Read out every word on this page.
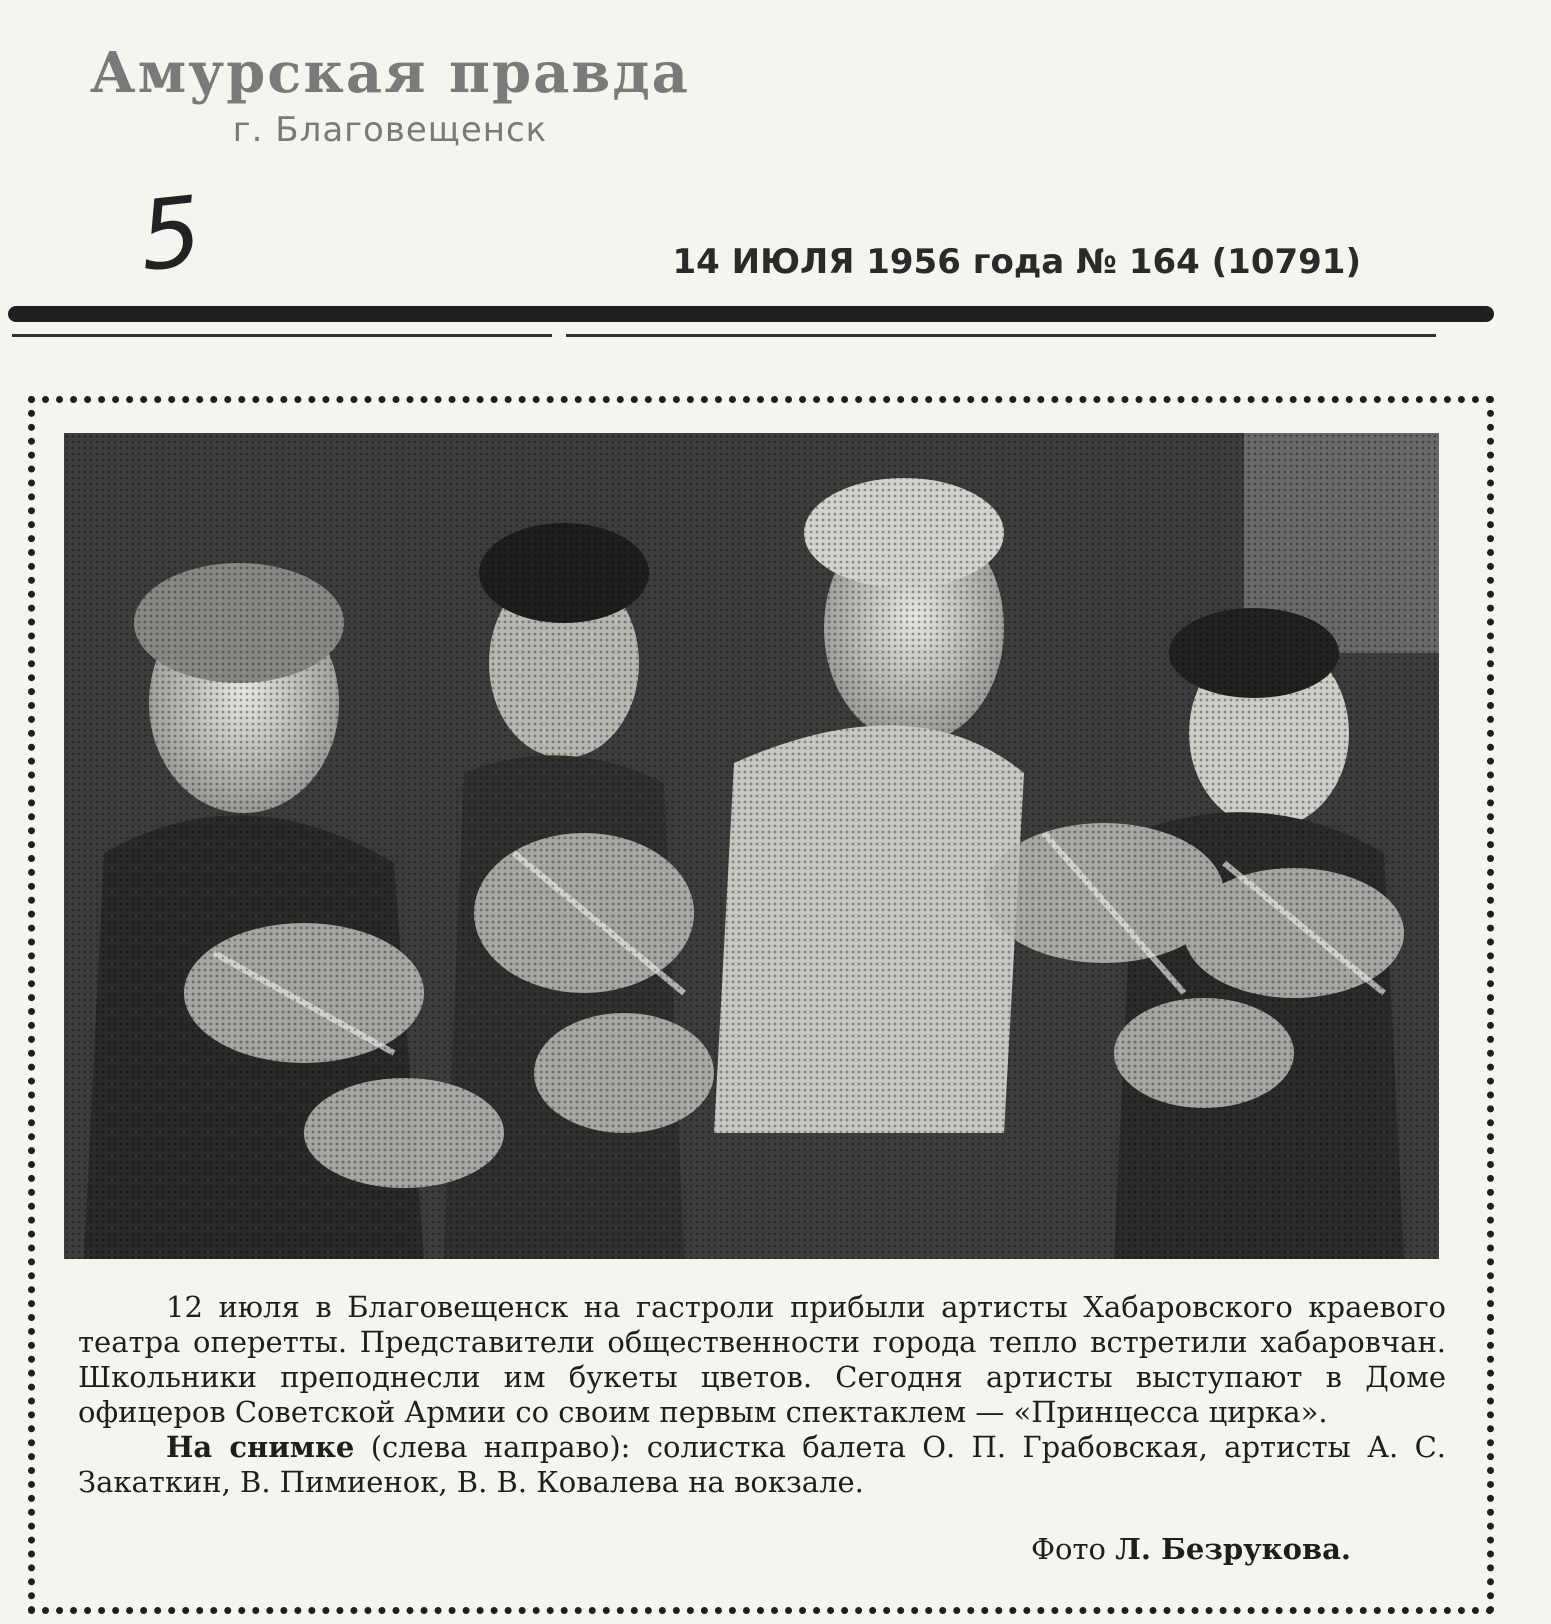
Амурская правда
г. Благовещенск
5	14 ИЮЛЯ 1956 года № 164 (10791)

12 июля в Благовещенск на гастроли прибыли артисты Хабаровского краевого театра оперетты. Представители общественности города тепло встретили хабаровчан. Школьники преподнесли им букеты цветов. Сегодня артисты выступают в Доме офицеров Советской Армии со своим первым спектаклем — «Принцесса цирка».

На снимке (слева направо): солистка балета О. П. Грабовская, артисты А. С. Закаткин, В. Пимиенок, В. В. Ковалева на вокзале.

Фото Л. Безрукова.
